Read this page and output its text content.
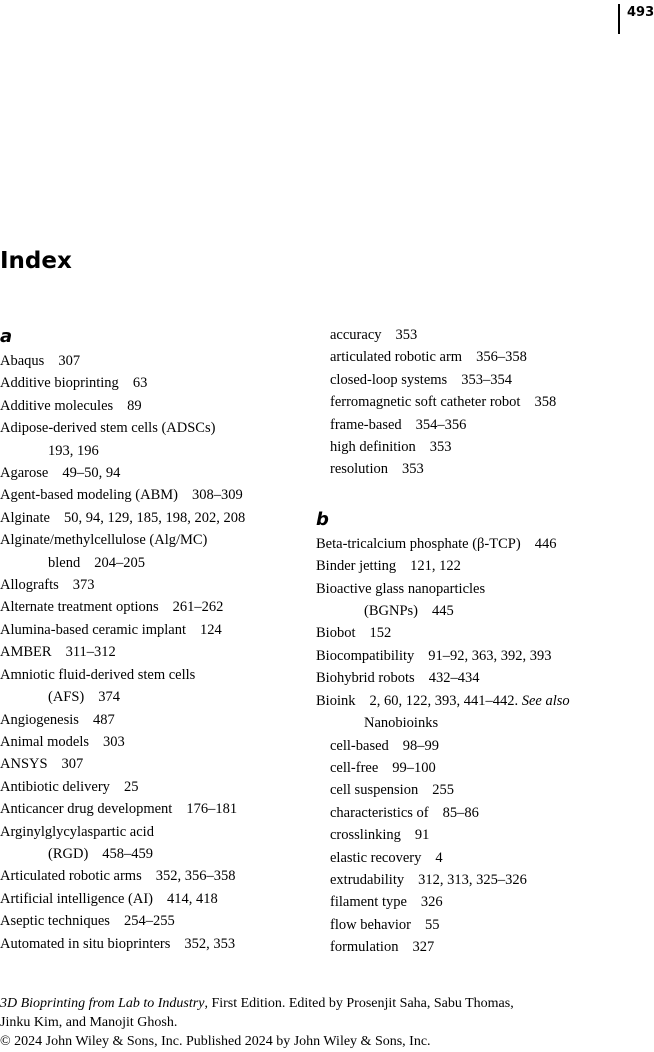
493
Index
a
Abaqus 307
Additive bioprinting 63
Additive molecules 89
Adipose-derived stem cells (ADSCs)
193, 196
Agarose 49–50, 94
Agent-based modeling (ABM) 308–309
Alginate 50, 94, 129, 185, 198, 202, 208
Alginate/methylcellulose (Alg/MC)
blend 204–205
Allografts 373
Alternate treatment options 261–262
Alumina-based ceramic implant 124
AMBER 311–312
Amniotic fluid-derived stem cells
(AFS) 374
Angiogenesis 487
Animal models 303
ANSYS 307
Antibiotic delivery 25
Anticancer drug development 176–181
Arginylglycylaspartic acid
(RGD) 458–459
Articulated robotic arms 352, 356–358
Artificial intelligence (AI) 414, 418
Aseptic techniques 254–255
Automated in situ bioprinters 352, 353
accuracy 353
articulated robotic arm 356–358
closed-loop systems 353–354
ferromagnetic soft catheter robot 358
frame-based 354–356
high definition 353
resolution 353
b
Beta-tricalcium phosphate (β-TCP) 446
Binder jetting 121, 122
Bioactive glass nanoparticles
(BGNPs) 445
Biobot 152
Biocompatibility 91–92, 363, 392, 393
Biohybrid robots 432–434
Bioink 2, 60, 122, 393, 441–442. See also
Nanobioinks
cell-based 98–99
cell-free 99–100
cell suspension 255
characteristics of 85–86
crosslinking 91
elastic recovery 4
extrudability 312, 313, 325–326
filament type 326
flow behavior 55
formulation 327
3D Bioprinting from Lab to Industry, First Edition. Edited by Prosenjit Saha, Sabu Thomas,
Jinku Kim, and Manojit Ghosh.
© 2024 John Wiley & Sons, Inc. Published 2024 by John Wiley & Sons, Inc.
